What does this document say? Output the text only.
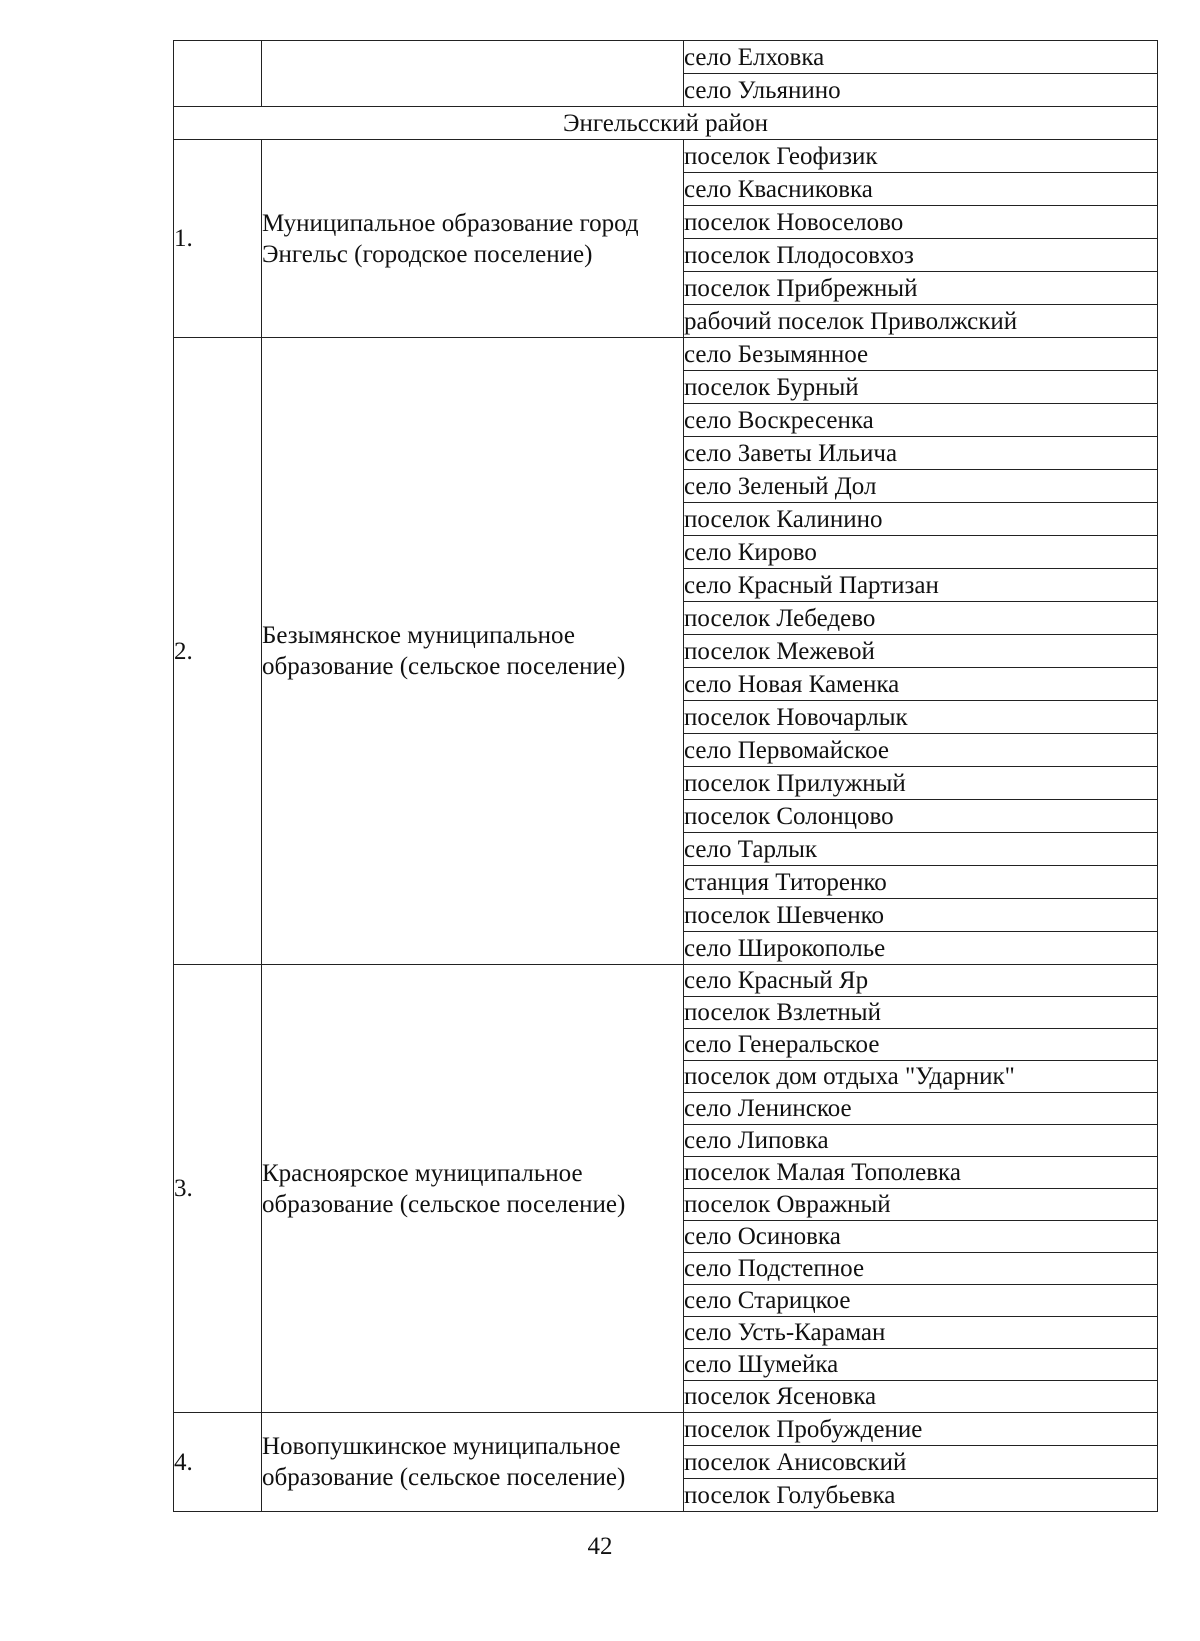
		село Елховка
		село Ульянино
Энгельсский район		
1.	Муниципальное образование город Энгельс (городское поселение)	поселок Геофизик
		село Квасниковка
		поселок Новоселово
		поселок Плодосовхоз
		поселок Прибрежный
		рабочий поселок Приволжский
2.	Безымянское муниципальное образование (сельское поселение)	село Безымянное
		поселок Бурный
		село Воскресенка
		село Заветы Ильича
		село Зеленый Дол
		поселок Калинино
		село Кирово
		село Красный Партизан
		поселок Лебедево
		поселок Межевой
		село Новая Каменка
		поселок Новочарлык
		село Первомайское
		поселок Прилужный
		поселок Солонцово
		село Тарлык
		станция Титоренко
		поселок Шевченко
		село Широкополье
3.	Красноярское муниципальное образование (сельское поселение)	село Красный Яр
		поселок Взлетный
		село Генеральское
		поселок дом отдыха "Ударник"
		село Ленинское
		село Липовка
		поселок Малая Тополевка
		поселок Овражный
		село Осиновка
		село Подстепное
		село Старицкое
		село Усть-Караман
		село Шумейка
		поселок Ясеновка
4.	Новопушкинское муниципальное образование (сельское поселение)	поселок Пробуждение
		поселок Анисовский
		поселок Голубьевка
42
